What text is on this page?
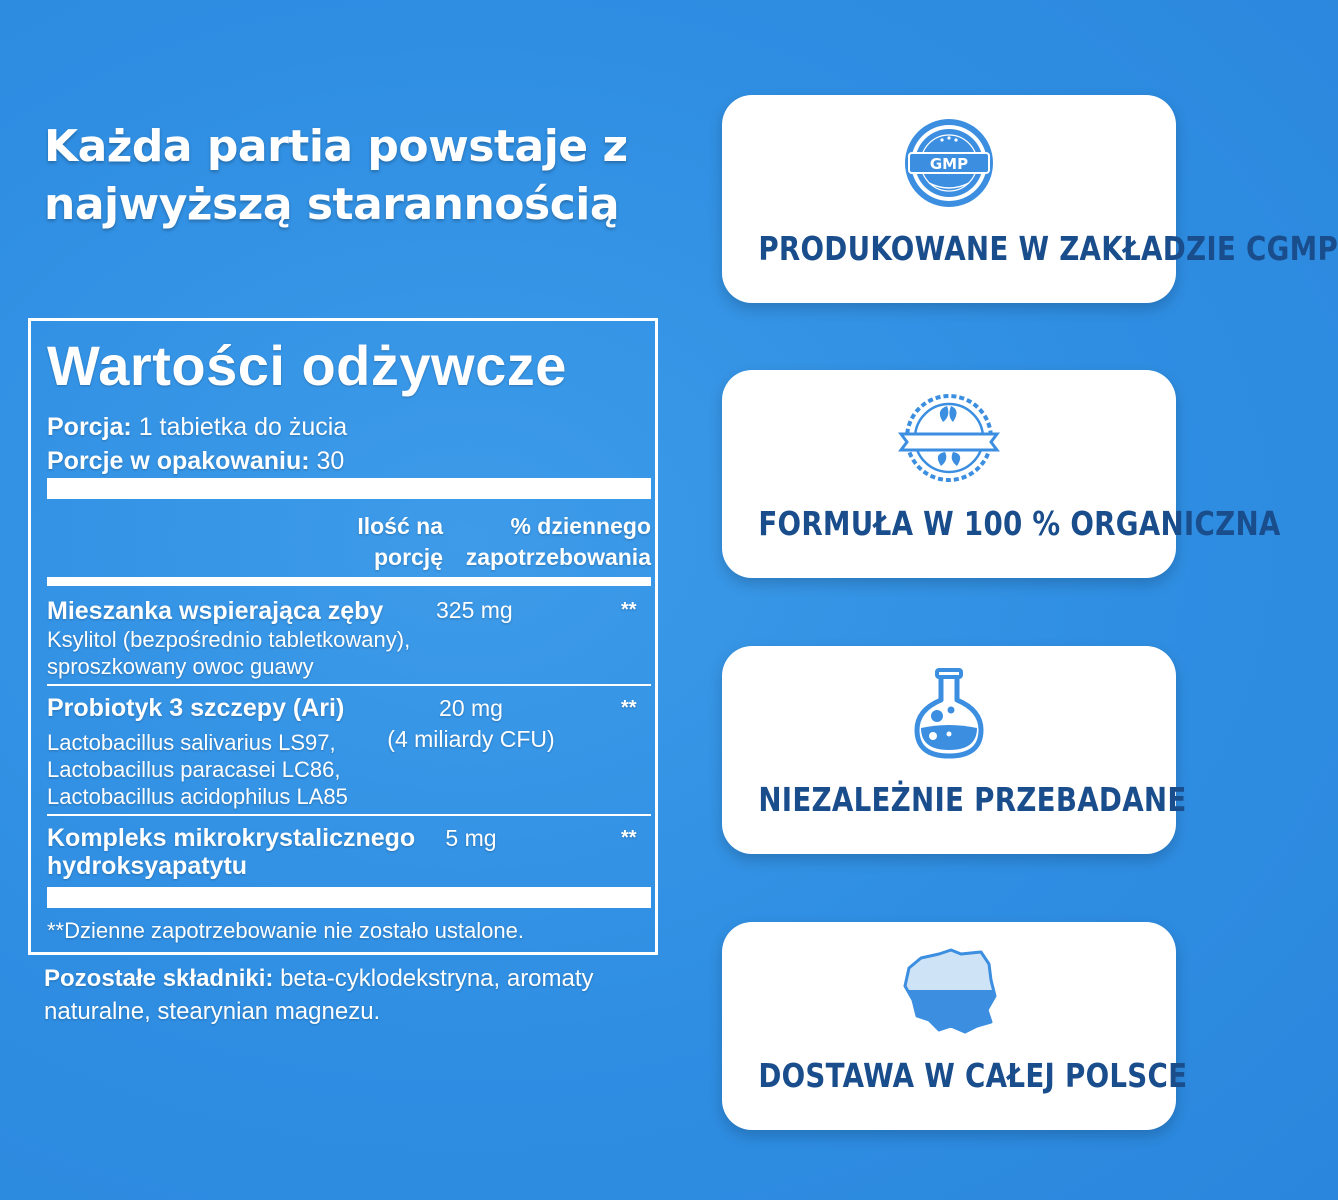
Każda partia powstaje z
najwyższą starannością
Wartości odżywcze
Porcja: 1 tabietka do żucia
Porcje w opakowaniu: 30
Ilość na
porcję
% dziennego
zapotrzebowania
Mieszanka wspierająca zęby
Ksylitol (bezpośrednio tabletkowany),
sproszkowany owoc guawy
325 mg	**
Probiotyk 3 szczepy (Ari)
Lactobacillus salivarius LS97,
Lactobacillus paracasei LC86,
Lactobacillus acidophilus LA85
20 mg
(4 miliardy CFU)
**
Kompleks mikrokrystalicznego
hydroksyapatytu
5 mg	**
**Dzienne zapotrzebowanie nie zostało ustalone.
Pozostałe składniki: beta-cyklodekstryna, aromaty
naturalne, stearynian magnezu.
GMP
PRODUKOWANE W ZAKŁADZIE CGMP
FORMUŁA W 100 % ORGANICZNA
NIEZALEŻNIE PRZEBADANE
DOSTAWA W CAŁEJ POLSCE
